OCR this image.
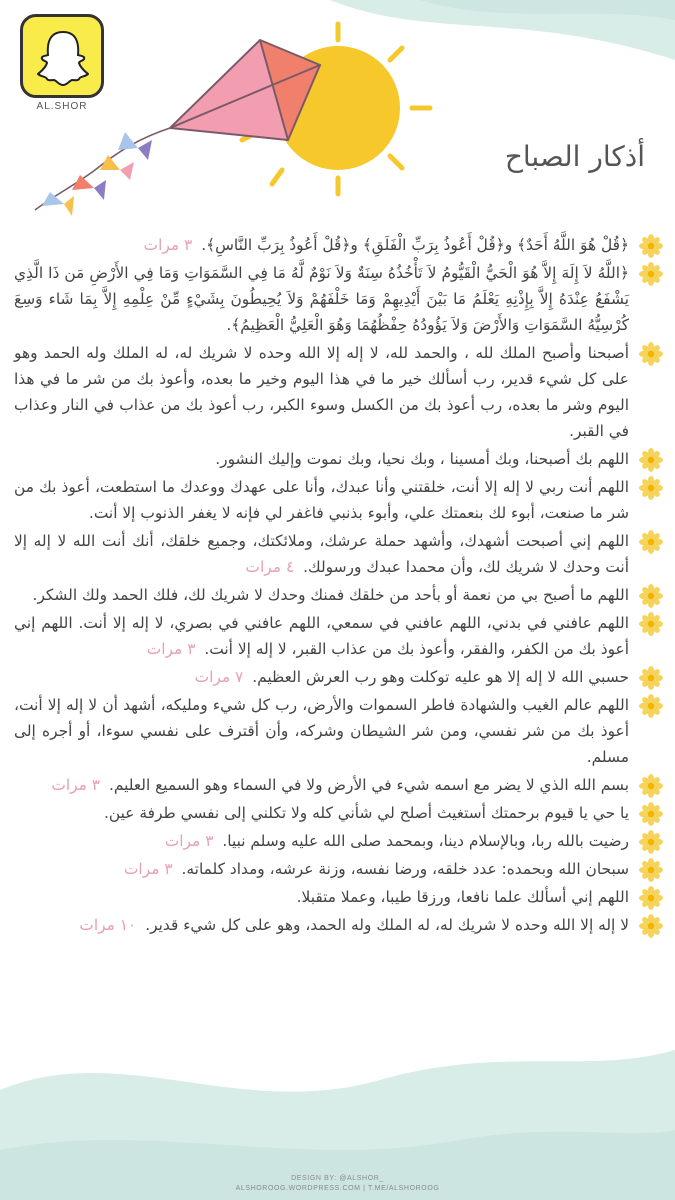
AL.SHOR
أذكار الصباح
﴿قُلْ هُوَ اللَّهُ أَحَدٌ﴾ و﴿قُلْ أَعُوذُ بِرَبِّ الْفَلَقِ﴾ و﴿قُلْ أَعُوذُ بِرَبِّ النَّاسِ﴾. ٣ مرات
﴿اللَّهُ لاَ إِلَهَ إِلاَّ هُوَ الْحَيُّ الْقَيُّومُ لاَ تَأْخُذُهُ سِنَةٌ وَلاَ نَوْمٌ لَّهُ مَا فِي السَّمَوَاتِ وَمَا فِي الأَرْضِ مَن ذَا الَّذِي يَشْفَعُ عِنْدَهُ إِلاَّ بِإِذْنِهِ يَعْلَمُ مَا بَيْنَ أَيْدِيهِمْ وَمَا خَلْفَهُمْ وَلاَ يُحِيطُونَ بِشَيْءٍ مِّنْ عِلْمِهِ إِلاَّ بِمَا شَاء وَسِعَ كُرْسِيُّهُ السَّمَوَاتِ وَالأَرْضَ وَلاَ يَؤُودُهُ حِفْظُهُمَا وَهُوَ الْعَلِيُّ الْعَظِيمُ﴾.
أصبحنا وأصبح الملك لله ، والحمد لله، لا إله إلا الله وحده لا شريك له، له الملك وله الحمد وهو على كل شيء قدير، رب أسألك خير ما في هذا اليوم وخير ما بعده، وأعوذ بك من شر ما في هذا اليوم وشر ما بعده، رب أعوذ بك من الكسل وسوء الكبر، رب أعوذ بك من عذاب في النار وعذاب في القبر.
اللهم بك أصبحنا، وبك أمسينا ، وبك نحيا، وبك نموت وإليك النشور.
اللهم أنت ربي لا إله إلا أنت، خلقتني وأنا عبدك، وأنا على عهدك ووعدك ما استطعت، أعوذ بك من شر ما صنعت، أبوء لك بنعمتك علي، وأبوء بذنبي فاغفر لي فإنه لا يغفر الذنوب إلا أنت.
اللهم إني أصبحت أشهدك، وأشهد حملة عرشك، وملائكتك، وجميع خلقك، أنك أنت الله لا إله إلا أنت وحدك لا شريك لك، وأن محمدا عبدك ورسولك. ٤ مرات
اللهم ما أصبح بي من نعمة أو بأحد من خلقك فمنك وحدك لا شريك لك، فلك الحمد ولك الشكر.
اللهم عافني في بدني، اللهم عافني في سمعي، اللهم عافني في بصري، لا إله إلا أنت. اللهم إني أعوذ بك من الكفر، والفقر، وأعوذ بك من عذاب القبر، لا إله إلا أنت. ٣ مرات
حسبي الله لا إله إلا هو عليه توكلت وهو رب العرش العظيم. ٧ مرات
اللهم عالم الغيب والشهادة فاطر السموات والأرض، رب كل شيء ومليكه، أشهد أن لا إله إلا أنت، أعوذ بك من شر نفسي، ومن شر الشيطان وشركه، وأن أقترف على نفسي سوءا، أو أجره إلى مسلم.
بسم الله الذي لا يضر مع اسمه شيء في الأرض ولا في السماء وهو السميع العليم. ٣ مرات
يا حي يا قيوم برحمتك أستغيث أصلح لي شأني كله ولا تكلني إلى نفسي طرفة عين.
رضيت بالله ربا، وبالإسلام دينا، وبمحمد صلى الله عليه وسلم نبيا. ٣ مرات
سبحان الله وبحمده: عدد خلقه، ورضا نفسه، وزنة عرشه، ومداد كلماته. ٣ مرات
اللهم إني أسألك علما نافعا، ورزقا طيبا، وعملا متقبلا.
لا إله إلا الله وحده لا شريك له، له الملك وله الحمد، وهو على كل شيء قدير. ١٠ مرات
DESIGN BY: @ALSHOR_
ALSHOROOG.WORDPRESS.COM | T.ME/ALSHOROOG
